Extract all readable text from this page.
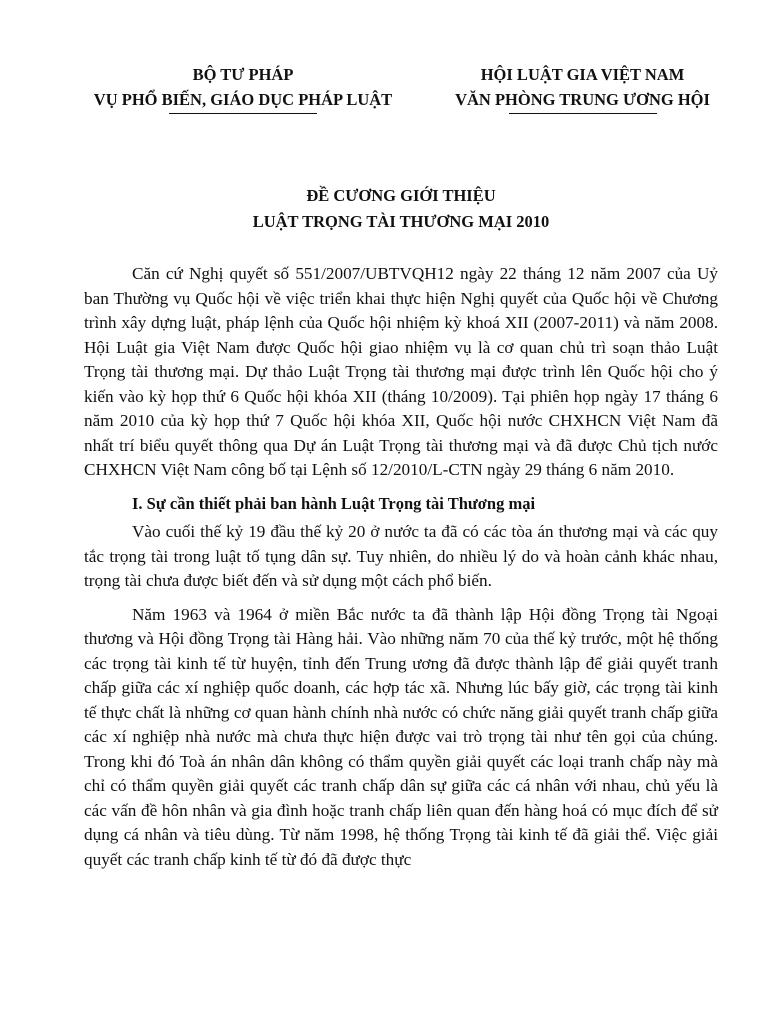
BỘ TƯ PHÁP
VỤ PHỔ BIẾN, GIÁO DỤC PHÁP LUẬT
HỘI LUẬT GIA VIỆT NAM
VĂN PHÒNG TRUNG ƯƠNG HỘI
ĐỀ CƯƠNG GIỚI THIỆU
LUẬT TRỌNG TÀI THƯƠNG MẠI 2010

Căn cứ Nghị quyết số 551/2007/UBTVQH12 ngày 22 tháng 12 năm 2007 của Uỷ ban Thường vụ Quốc hội về việc triển khai thực hiện Nghị quyết của Quốc hội về Chương trình xây dựng luật, pháp lệnh của Quốc hội nhiệm kỳ khoá XII (2007-2011) và năm 2008. Hội Luật gia Việt Nam được Quốc hội giao nhiệm vụ là cơ quan chủ trì soạn thảo Luật Trọng tài thương mại. Dự thảo Luật Trọng tài thương mại được trình lên Quốc hội cho ý kiến vào kỳ họp thứ 6 Quốc hội khóa XII (tháng 10/2009). Tại phiên họp ngày 17 tháng 6 năm 2010 của kỳ họp thứ 7 Quốc hội khóa XII, Quốc hội nước CHXHCN Việt Nam đã nhất trí biểu quyết thông qua Dự án Luật Trọng tài thương mại và đã được Chủ tịch nước CHXHCN Việt Nam công bố tại Lệnh số 12/2010/L-CTN ngày 29 tháng 6 năm 2010.

I. Sự cần thiết phải ban hành Luật Trọng tài Thương mại

Vào cuối thế kỷ 19 đầu thế kỷ 20 ở nước ta đã có các tòa án thương mại và các quy tắc trọng tài trong luật tố tụng dân sự. Tuy nhiên, do nhiều lý do và hoàn cảnh khác nhau, trọng tài chưa được biết đến và sử dụng một cách phổ biến.

Năm 1963 và 1964 ở miền Bắc nước ta đã thành lập Hội đồng Trọng tài Ngoại thương và Hội đồng Trọng tài Hàng hải. Vào những năm 70 của thế kỷ trước, một hệ thống các trọng tài kinh tế từ huyện, tỉnh đến Trung ương đã được thành lập để giải quyết tranh chấp giữa các xí nghiệp quốc doanh, các hợp tác xã. Nhưng lúc bấy giờ, các trọng tài kinh tế thực chất là những cơ quan hành chính nhà nước có chức năng giải quyết tranh chấp giữa các xí nghiệp nhà nước mà chưa thực hiện được vai trò trọng tài như tên gọi của chúng. Trong khi đó Toà án nhân dân không có thẩm quyền giải quyết các loại tranh chấp này mà chỉ có thẩm quyền giải quyết các tranh chấp dân sự giữa các cá nhân với nhau, chủ yếu là các vấn đề hôn nhân và gia đình hoặc tranh chấp liên quan đến hàng hoá có mục đích để sử dụng cá nhân và tiêu dùng. Từ năm 1998, hệ thống Trọng tài kinh tế đã giải thể. Việc giải quyết các tranh chấp kinh tế từ đó đã được thực
